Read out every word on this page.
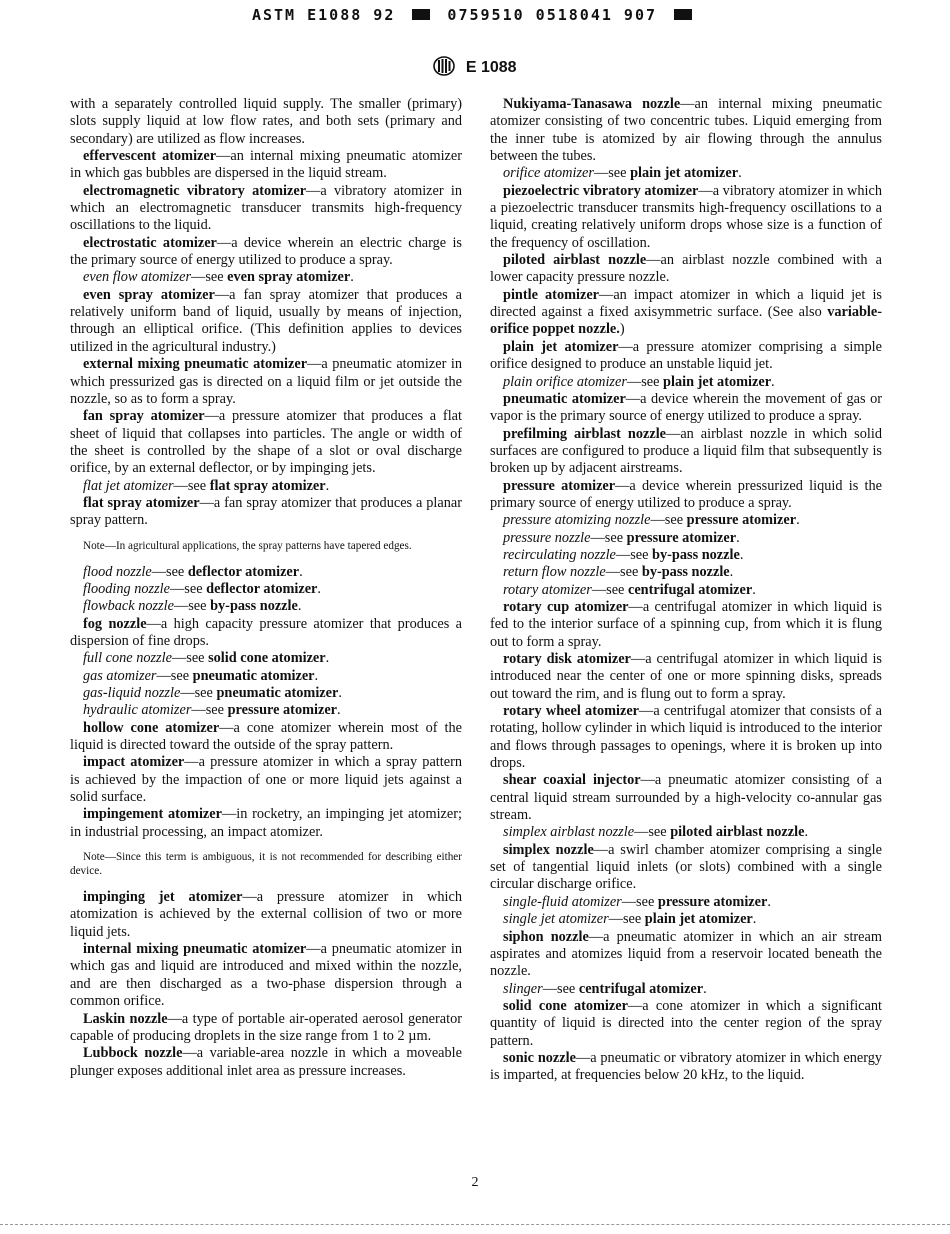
ASTM E1088 92	0759510 0518041 907
E 1088

with a separately controlled liquid supply. The smaller (primary) slots supply liquid at low flow rates, and both sets (primary and secondary) are utilized as flow increases.

effervescent atomizer—an internal mixing pneumatic atomizer in which gas bubbles are dispersed in the liquid stream.

electromagnetic vibratory atomizer—a vibratory atomizer in which an electromagnetic transducer transmits high-frequency oscillations to the liquid.

electrostatic atomizer—a device wherein an electric charge is the primary source of energy utilized to produce a spray.

even flow atomizer—see even spray atomizer.

even spray atomizer—a fan spray atomizer that produces a relatively uniform band of liquid, usually by means of injection, through an elliptical orifice. (This definition applies to devices utilized in the agricultural industry.)

external mixing pneumatic atomizer—a pneumatic atomizer in which pressurized gas is directed on a liquid film or jet outside the nozzle, so as to form a spray.

fan spray atomizer—a pressure atomizer that produces a flat sheet of liquid that collapses into particles. The angle or width of the sheet is controlled by the shape of a slot or oval discharge orifice, by an external deflector, or by impinging jets.

flat jet atomizer—see flat spray atomizer.

flat spray atomizer—a fan spray atomizer that produces a planar spray pattern.

Note—In agricultural applications, the spray patterns have tapered edges.

flood nozzle—see deflector atomizer.

flooding nozzle—see deflector atomizer.

flowback nozzle—see by-pass nozzle.

fog nozzle—a high capacity pressure atomizer that produces a dispersion of fine drops.

full cone nozzle—see solid cone atomizer.

gas atomizer—see pneumatic atomizer.

gas-liquid nozzle—see pneumatic atomizer.

hydraulic atomizer—see pressure atomizer.

hollow cone atomizer—a cone atomizer wherein most of the liquid is directed toward the outside of the spray pattern.

impact atomizer—a pressure atomizer in which a spray pattern is achieved by the impaction of one or more liquid jets against a solid surface.

impingement atomizer—in rocketry, an impinging jet atomizer; in industrial processing, an impact atomizer.

Note—Since this term is ambiguous, it is not recommended for describing either device.

impinging jet atomizer—a pressure atomizer in which atomization is achieved by the external collision of two or more liquid jets.

internal mixing pneumatic atomizer—a pneumatic atomizer in which gas and liquid are introduced and mixed within the nozzle, and are then discharged as a two-phase dispersion through a common orifice.

Laskin nozzle—a type of portable air-operated aerosol generator capable of producing droplets in the size range from 1 to 2 µm.

Lubbock nozzle—a variable-area nozzle in which a moveable plunger exposes additional inlet area as pressure increases.

Nukiyama-Tanasawa nozzle—an internal mixing pneumatic atomizer consisting of two concentric tubes. Liquid emerging from the inner tube is atomized by air flowing through the annulus between the tubes.

orifice atomizer—see plain jet atomizer.

piezoelectric vibratory atomizer—a vibratory atomizer in which a piezoelectric transducer transmits high-frequency oscillations to a liquid, creating relatively uniform drops whose size is a function of the frequency of oscillation.

piloted airblast nozzle—an airblast nozzle combined with a lower capacity pressure nozzle.

pintle atomizer—an impact atomizer in which a liquid jet is directed against a fixed axisymmetric surface. (See also variable-orifice poppet nozzle.)

plain jet atomizer—a pressure atomizer comprising a simple orifice designed to produce an unstable liquid jet.

plain orifice atomizer—see plain jet atomizer.

pneumatic atomizer—a device wherein the movement of gas or vapor is the primary source of energy utilized to produce a spray.

prefilming airblast nozzle—an airblast nozzle in which solid surfaces are configured to produce a liquid film that subsequently is broken up by adjacent airstreams.

pressure atomizer—a device wherein pressurized liquid is the primary source of energy utilized to produce a spray.

pressure atomizing nozzle—see pressure atomizer.

pressure nozzle—see pressure atomizer.

recirculating nozzle—see by-pass nozzle.

return flow nozzle—see by-pass nozzle.

rotary atomizer—see centrifugal atomizer.

rotary cup atomizer—a centrifugal atomizer in which liquid is fed to the interior surface of a spinning cup, from which it is flung out to form a spray.

rotary disk atomizer—a centrifugal atomizer in which liquid is introduced near the center of one or more spinning disks, spreads out toward the rim, and is flung out to form a spray.

rotary wheel atomizer—a centrifugal atomizer that consists of a rotating, hollow cylinder in which liquid is introduced to the interior and flows through passages to openings, where it is broken up into drops.

shear coaxial injector—a pneumatic atomizer consisting of a central liquid stream surrounded by a high-velocity co-annular gas stream.

simplex airblast nozzle—see piloted airblast nozzle.

simplex nozzle—a swirl chamber atomizer comprising a single set of tangential liquid inlets (or slots) combined with a single circular discharge orifice.

single-fluid atomizer—see pressure atomizer.

single jet atomizer—see plain jet atomizer.

siphon nozzle—a pneumatic atomizer in which an air stream aspirates and atomizes liquid from a reservoir located beneath the nozzle.

slinger—see centrifugal atomizer.

solid cone atomizer—a cone atomizer in which a significant quantity of liquid is directed into the center region of the spray pattern.

sonic nozzle—a pneumatic or vibratory atomizer in which energy is imparted, at frequencies below 20 kHz, to the liquid.

2
